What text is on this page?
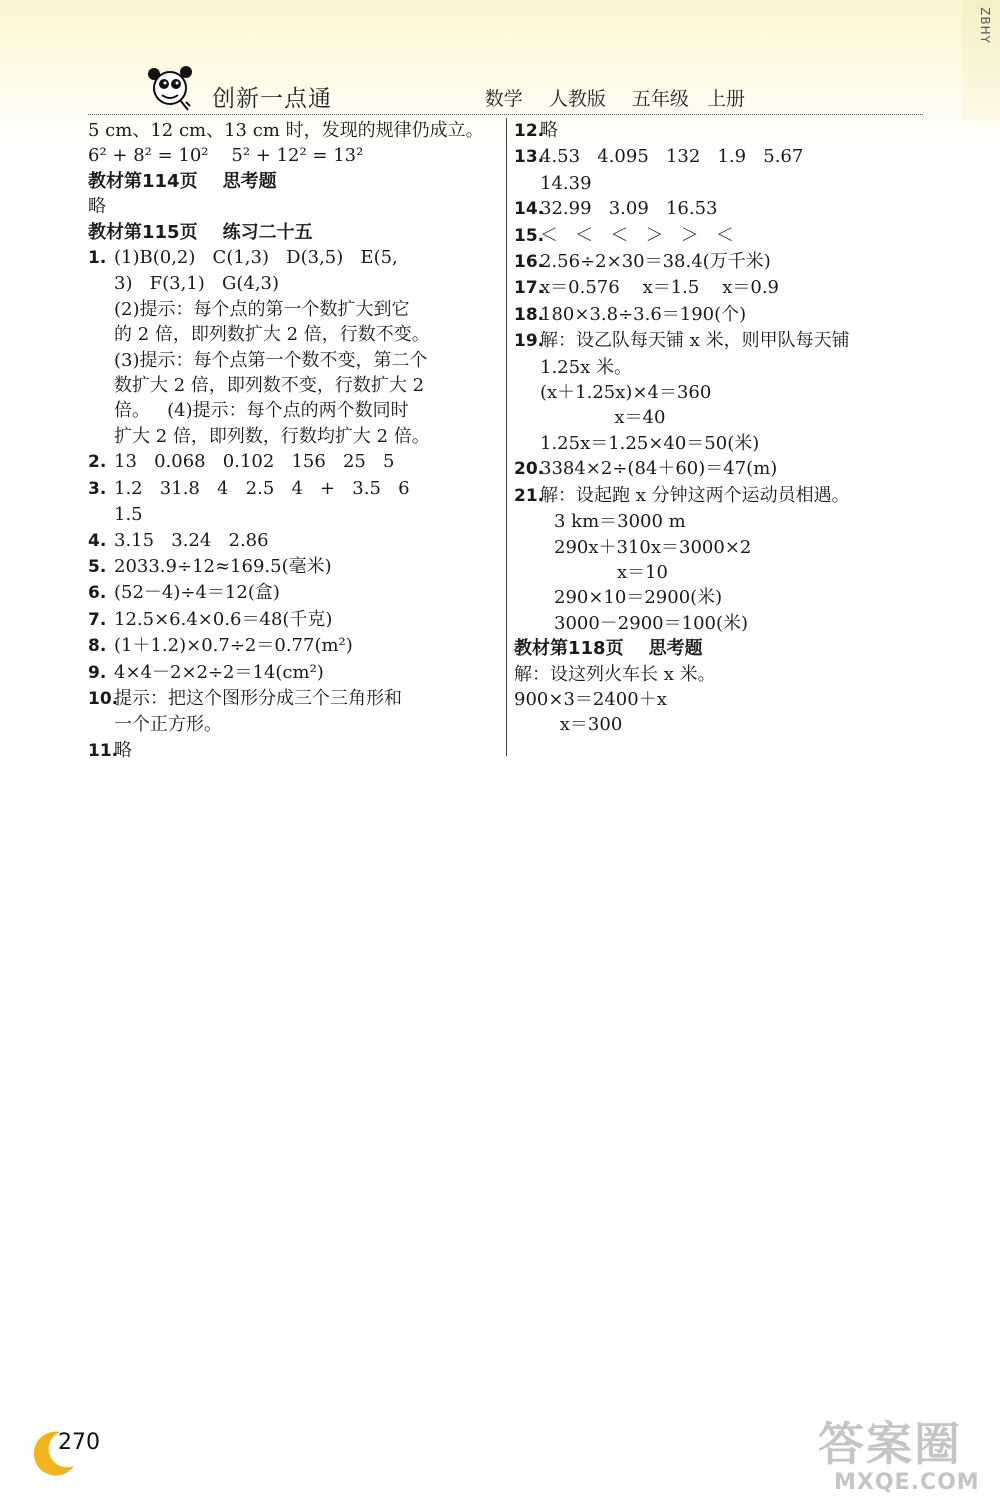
ZBHY
创新一点通	数学 人教版 五年级 上册
5 cm、12 cm、13 cm 时，发现的规律仍成立。
6² + 8² = 10²    5² + 12² = 13²
教材第114页    思考题
略
教材第115页    练习二十五
1. (1)B(0,2)   C(1,3)   D(3,5)   E(5,
3)   F(3,1)   G(4,3)
(2)提示：每个点的第一个数扩大到它
的 2 倍，即列数扩大 2 倍，行数不变。
(3)提示：每个点第一个数不变，第二个
数扩大 2 倍，即列数不变，行数扩大 2
倍。   (4)提示：每个点的两个数同时
扩大 2 倍，即列数，行数均扩大 2 倍。
2. 13   0.068   0.102   156   25   5
3. 1.2   31.8   4   2.5   4   +   3.5   6
1.5
4. 3.15   3.24   2.86
5. 2033.9÷12≈169.5(毫米)
6. (52－4)÷4＝12(盒)
7. 12.5×6.4×0.6＝48(千克)
8. (1＋1.2)×0.7÷2＝0.77(m²)
9. 4×4－2×2÷2＝14(cm²)
10.提示：把这个图形分成三个三角形和
一个正方形。
11.略
12.略
13.4.53   4.095   132   1.9   5.67
14.39
14.32.99   3.09   16.53
15.＜   ＜   ＜   ＞   ＞   ＜
16.2.56÷2×30＝38.4(万千米)
17.x＝0.576    x＝1.5    x＝0.9
18.180×3.8÷3.6＝190(个)
19.解：设乙队每天铺 x 米，则甲队每天铺
1.25x 米。
(x＋1.25x)×4＝360
x＝40
1.25x＝1.25×40＝50(米)
20.3384×2÷(84＋60)＝47(m)
21.解：设起跑 x 分钟这两个运动员相遇。
3 km＝3000 m
290x＋310x＝3000×2
x＝10
290×10＝2900(米)
3000－2900＝100(米)
教材第118页    思考题
解：设这列火车长 x 米。
900×3＝2400＋x
x＝300
270	答案圈
MXQE.COM
